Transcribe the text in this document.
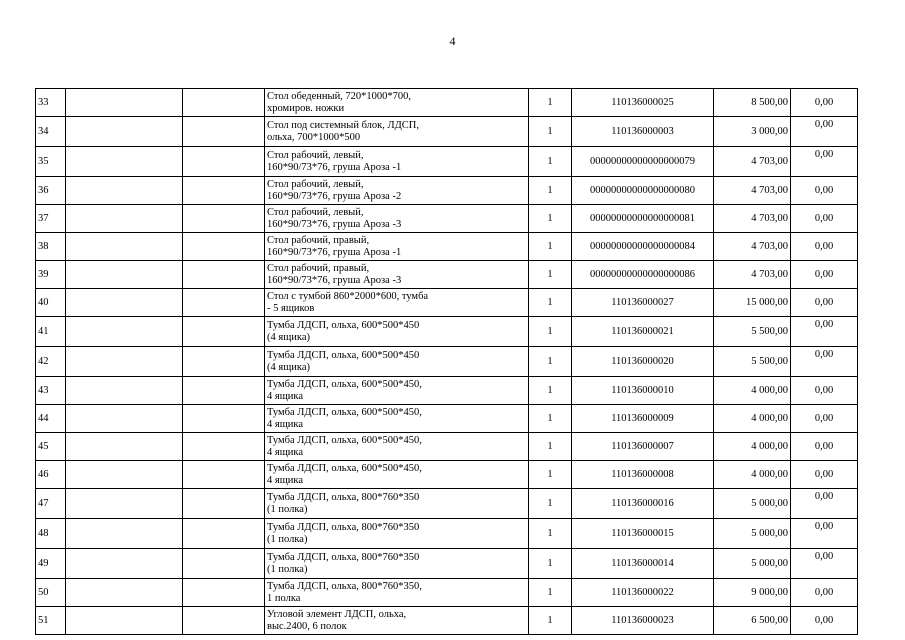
4
33			Стол обеденный, 720*1000*700,
хромиров. ножки	1	110136000025	8 500,00	0,00
34			Стол под системный блок, ЛДСП,
ольха, 700*1000*500	1	110136000003	3 000,00	0,00
35			Стол рабочий, левый,
160*90/73*76, груша Ароза -1	1	00000000000000000079	4 703,00	0,00
36			Стол рабочий, левый,
160*90/73*76, груша Ароза -2	1	00000000000000000080	4 703,00	0,00
37			Стол рабочий, левый,
160*90/73*76, груша Ароза -3	1	00000000000000000081	4 703,00	0,00
38			Стол рабочий, правый,
160*90/73*76, груша Ароза -1	1	00000000000000000084	4 703,00	0,00
39			Стол рабочий, правый,
160*90/73*76, груша Ароза -3	1	00000000000000000086	4 703,00	0,00
40			Стол с тумбой 860*2000*600, тумба
- 5 ящиков	1	110136000027	15 000,00	0,00
41			Тумба ЛДСП, ольха, 600*500*450
(4 ящика)	1	110136000021	5 500,00	0,00
42			Тумба ЛДСП, ольха, 600*500*450
(4 ящика)	1	110136000020	5 500,00	0,00
43			Тумба ЛДСП, ольха, 600*500*450,
4 ящика	1	110136000010	4 000,00	0,00
44			Тумба ЛДСП, ольха, 600*500*450,
4 ящика	1	110136000009	4 000,00	0,00
45			Тумба ЛДСП, ольха, 600*500*450,
4 ящика	1	110136000007	4 000,00	0,00
46			Тумба ЛДСП, ольха, 600*500*450,
4 ящика	1	110136000008	4 000,00	0,00
47			Тумба ЛДСП, ольха, 800*760*350
(1 полка)	1	110136000016	5 000,00	0,00
48			Тумба ЛДСП, ольха, 800*760*350
(1 полка)	1	110136000015	5 000,00	0,00
49			Тумба ЛДСП, ольха, 800*760*350
(1 полка)	1	110136000014	5 000,00	0,00
50			Тумба ЛДСП, ольха, 800*760*350,
1 полка	1	110136000022	9 000,00	0,00
51			Угловой элемент ЛДСП, ольха,
выс.2400, 6 полок	1	110136000023	6 500,00	0,00
